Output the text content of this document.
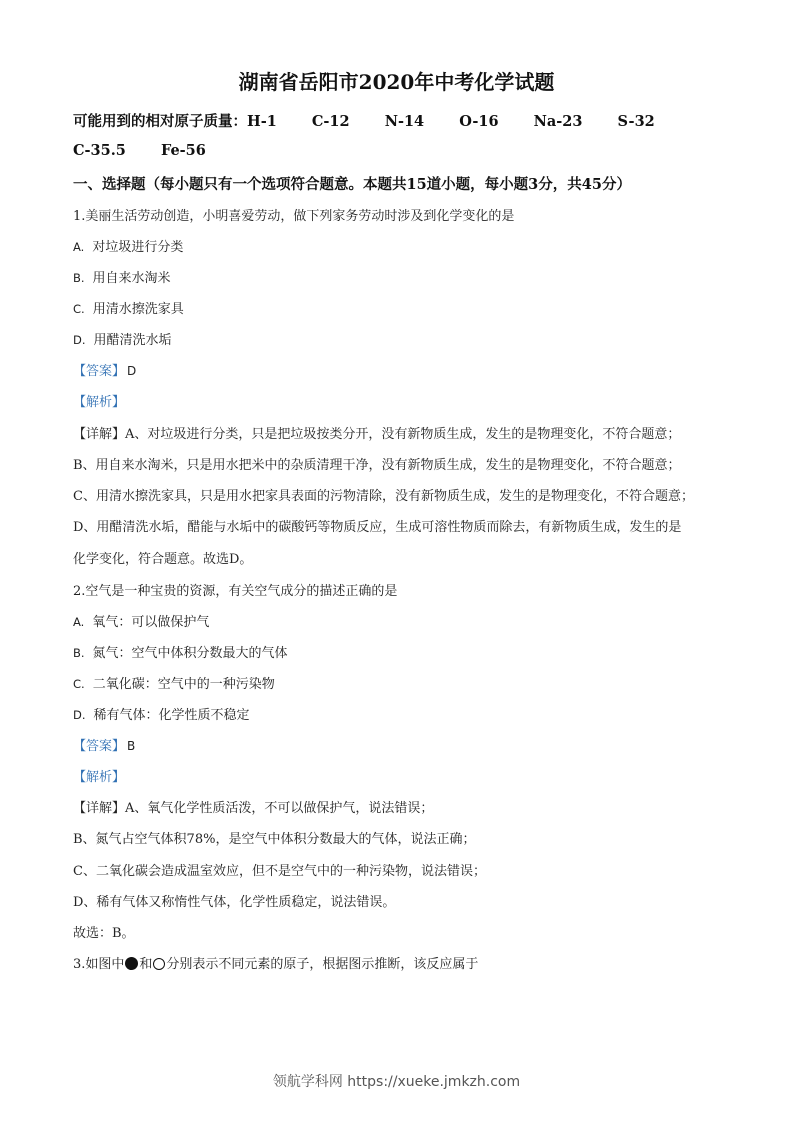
湖南省岳阳市2020年中考化学试题
可能用到的相对原子质量：H-1 C-12 N-14 O-16 Na-23 S-32
C-35.5 Fe-56
一、选择题（每小题只有一个选项符合题意。本题共15道小题，每小题3分，共45分）
1.美丽生活劳动创造，小明喜爱劳动，做下列家务劳动时涉及到化学变化的是
A. 对垃圾进行分类
B. 用自来水淘米
C. 用清水擦洗家具
D. 用醋清洗水垢
【答案】 D
【解析】
【详解】A、对垃圾进行分类，只是把垃圾按类分开，没有新物质生成，发生的是物理变化，不符合题意；
B、用自来水淘米，只是用水把米中的杂质清理干净，没有新物质生成，发生的是物理变化，不符合题意；
C、用清水擦洗家具，只是用水把家具表面的污物清除，没有新物质生成，发生的是物理变化，不符合题意；
D、用醋清洗水垢，醋能与水垢中的碳酸钙等物质反应，生成可溶性物质而除去，有新物质生成，发生的是
化学变化，符合题意。故选D。
2.空气是一种宝贵的资源，有关空气成分的描述正确的是
A. 氧气：可以做保护气
B. 氮气：空气中体积分数最大的气体
C. 二氧化碳：空气中的一种污染物
D. 稀有气体：化学性质不稳定
【答案】 B
【解析】
【详解】A、氧气化学性质活泼，不可以做保护气，说法错误；
B、氮气占空气体积78%，是空气中体积分数最大的气体，说法正确；
C、二氧化碳会造成温室效应，但不是空气中的一种污染物，说法错误；
D、稀有气体又称惰性气体，化学性质稳定，说法错误。
故选：B。
3.如图中 和 分别表示不同元素的原子，根据图示推断，该反应属于
领航学科网 https://xueke.jmkzh.com
